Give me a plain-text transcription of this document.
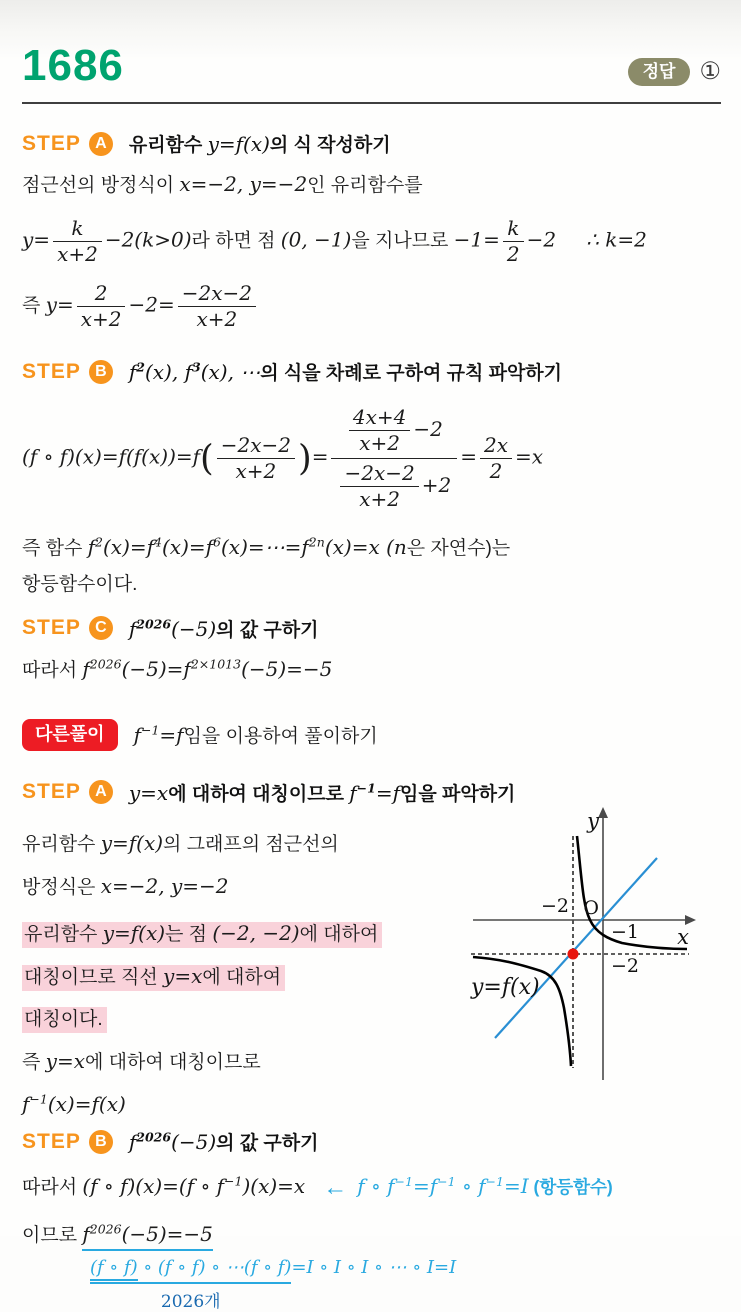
1686	정답	①
STEP A	유리함수 y=f(x)의 식 작성하기
점근선의 방정식이 x=−2, y=−2인 유리함수를
$y= \frac{k}{x+2} -2(k>0)$라 하면 점 (0, −1)을 지나므로 $-1= \frac{k}{2} -2$ ∴ k=2
즉 $y= \frac{2}{x+2} -2= \frac{-2x-2}{x+2}$
STEP B	$f^2(x)$, $f^3(x)$, ⋯의 식을 차례로 구하여 규칙 파악하기
(f ∘ $f)(x)=f(f(x))=f( \frac{-2x-2}{x+2}$ )= $\frac{\frac{4x+4}{x+2} -2}{\frac{-2x-2}{x+2} +2} = \frac{2x}{2} =x$
즉 함수 $f^2(x)=f^4(x)=f^6(x)=\cdots=f^{2n}(x)=x$ (n은 자연수)는
항등함수이다.
STEP C	$f^{2026}(-5)$의 값 구하기
따라서 $f^{2026}(-5)=f^{2\times 1013}(-5)=-5$
다른풀이	$f^{-1}=f$임을 이용하여 풀이하기
STEP A	y=x에 대하여 대칭이므로 $f^{-1}=f$임을 파악하기
유리함수 y=f(x)의 그래프의 점근선의
방정식은 x=−2, y=−2
유리함수 y=f(x)는 점 (−2, −2)에 대하여
대칭이므로 직선 y=x에 대하여
대칭이다.
즉 y=x에 대하여 대칭이므로
$f^{-1}(x)=f(x)$
y
x
−2 O
−1
−2
y=f(x)
STEP B	$f^{2026}(-5)$의 값 구하기
따라서 (f ∘ f)(x)=(f ∘ $f^{-1})(x)=x$ ← f ∘ $f^{-1}=f^{-1}$ ∘ $f^{-1}=I$ (항등함수)
이므로 $f^{2026}(-5)=-5$
(f ∘ f) ∘ (f ∘ f) ∘ ⋯(f ∘ f)
2026개
=I ∘ I ∘ I ∘ ⋯ ∘ I=I
